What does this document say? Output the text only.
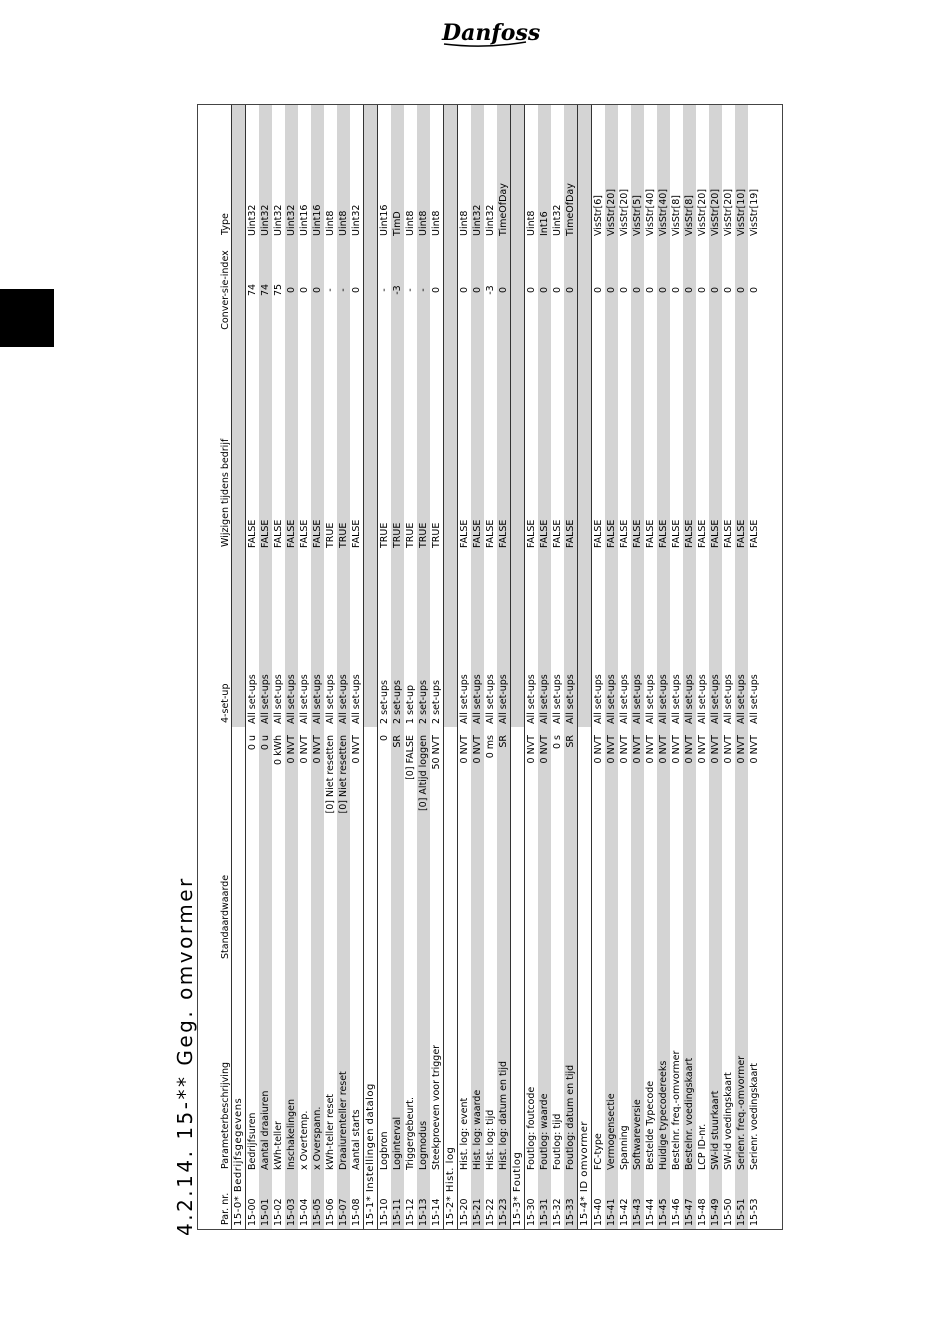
Danfoss
4.2.14. 15-** Geg. omvormer Par. nr.	Parameterbeschrijving	Standaardwaarde	4-set-up	Wijzigen tijdens bedrijf	Conver-sie-index	Type
15-0* Bedrijfsgegevens						
15-00	Bedrijfsuren	0 u	All set-ups	FALSE	74	Uint32
15-01	Aantal draaiuren	0 u	All set-ups	FALSE	74	Uint32
15-02	kWh-teller	0 kWh	All set-ups	FALSE	75	Uint32
15-03	Inschakelingen	0 NVT	All set-ups	FALSE	0	Uint32
15-04	x Overtemp.	0 NVT	All set-ups	FALSE	0	Uint16
15-05	x Overspann.	0 NVT	All set-ups	FALSE	0	Uint16
15-06	kWh-teller reset	[0] Niet resetten	All set-ups	TRUE	-	Uint8
15-07	Draaiurenteller reset	[0] Niet resetten	All set-ups	TRUE	-	Uint8
15-08	Aantal starts	0 NVT	All set-ups	FALSE	0	Uint32
15-1* Instellingen datalog						
15-10	Logbron	0	2 set-ups	TRUE	-	Uint16
15-11	Loginterval	SR	2 set-ups	TRUE	-3	TimD
15-12	Triggergebeurt.	[0] FALSE	1 set-up	TRUE	-	Uint8
15-13	Logmodus	[0] Altijd loggen	2 set-ups	TRUE	-	Uint8
15-14	Steekproeven voor trigger	50 NVT	2 set-ups	TRUE	0	Uint8
15-2* Hist. log						
15-20	Hist. log: event	0 NVT	All set-ups	FALSE	0	Uint8
15-21	Hist. log: waarde	0 NVT	All set-ups	FALSE	0	Uint32
15-22	Hist. log: tijd	0 ms	All set-ups	FALSE	-3	Uint32
15-23	Hist. log: datum en tijd	SR	All set-ups	FALSE	0	TimeOfDay
15-3* Foutlog						
15-30	Foutlog: foutcode	0 NVT	All set-ups	FALSE	0	Uint8
15-31	Foutlog: waarde	0 NVT	All set-ups	FALSE	0	Int16
15-32	Foutlog: tijd	0 s	All set-ups	FALSE	0	Uint32
15-33	Foutlog: datum en tijd	SR	All set-ups	FALSE	0	TimeOfDay
15-4* ID omvormer						
15-40	FC-type	0 NVT	All set-ups	FALSE	0	VisStr[6]
15-41	Vermogensectie	0 NVT	All set-ups	FALSE	0	VisStr[20]
15-42	Spanning	0 NVT	All set-ups	FALSE	0	VisStr[20]
15-43	Softwareversie	0 NVT	All set-ups	FALSE	0	VisStr[5]
15-44	Bestelde Typecode	0 NVT	All set-ups	FALSE	0	VisStr[40]
15-45	Huidige typecodereeks	0 NVT	All set-ups	FALSE	0	VisStr[40]
15-46	Bestelnr. freq.-omvormer	0 NVT	All set-ups	FALSE	0	VisStr[8]
15-47	Bestelnr. voedingskaart	0 NVT	All set-ups	FALSE	0	VisStr[8]
15-48	LCP ID-nr.	0 NVT	All set-ups	FALSE	0	VisStr[20]
15-49	SW-id stuurkaart	0 NVT	All set-ups	FALSE	0	VisStr[20]
15-50	SW-id voedingskaart	0 NVT	All set-ups	FALSE	0	VisStr[20]
15-51	Serienr. freq.-omvormer	0 NVT	All set-ups	FALSE	0	VisStr[10]
15-53	Serienr. voedingskaart	0 NVT	All set-ups	FALSE	0	VisStr[19]
